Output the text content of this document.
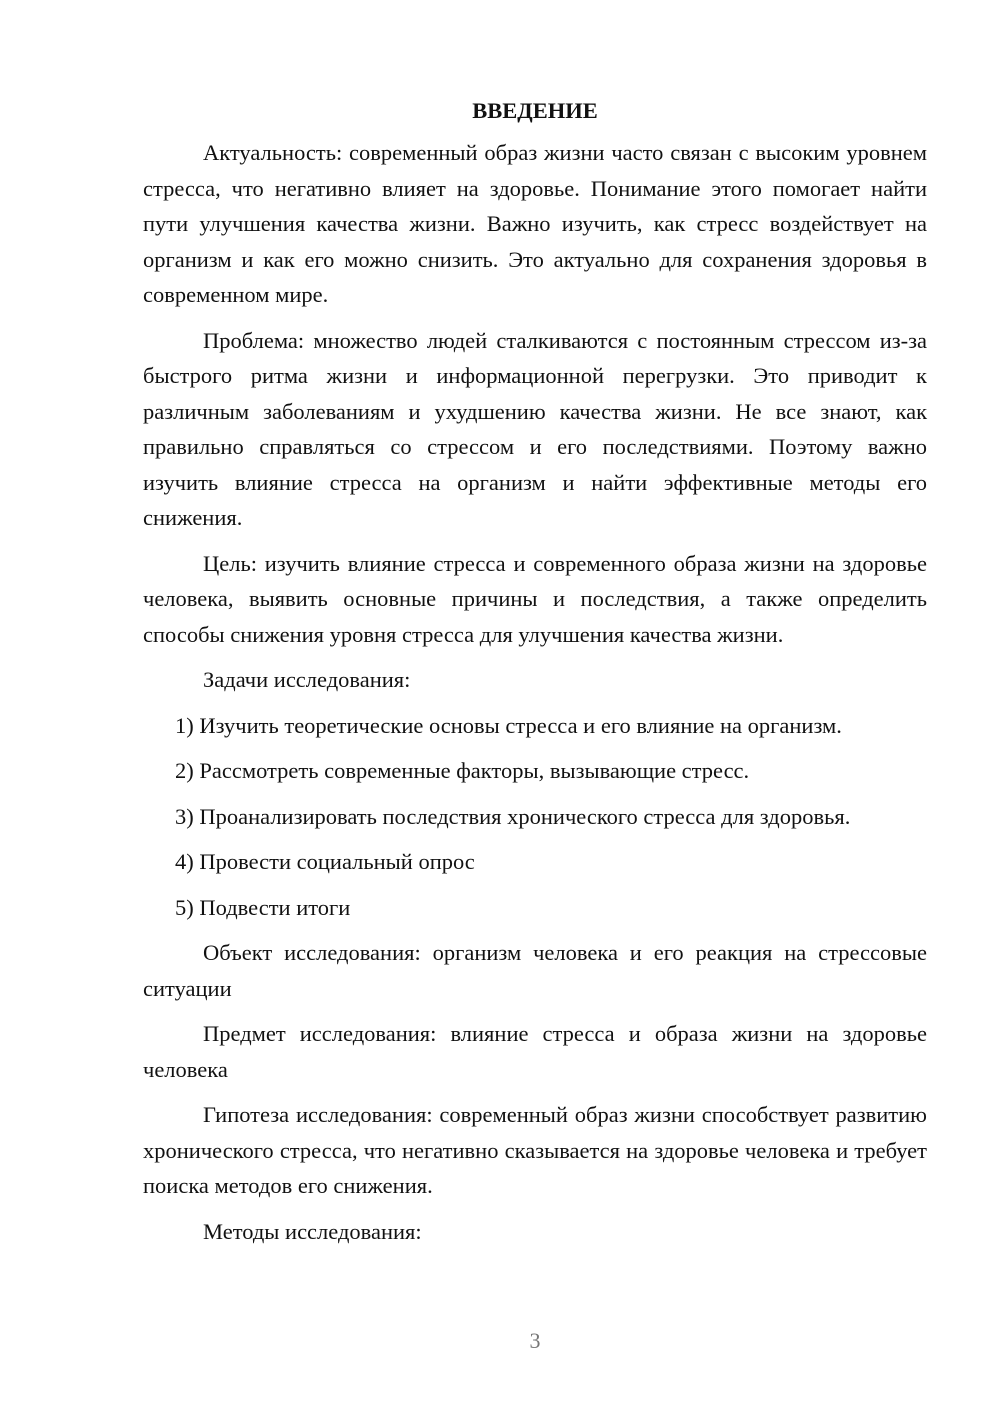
ВВЕДЕНИЕ

Актуальность: современный образ жизни часто связан с высоким уровнем стресса, что негативно влияет на здоровье. Понимание этого помогает найти пути улучшения качества жизни. Важно изучить, как стресс воздействует на организм и как его можно снизить. Это актуально для сохранения здоровья в современном мире.

Проблема: множество людей сталкиваются с постоянным стрессом из-за быстрого ритма жизни и информационной перегрузки. Это приводит к различным заболеваниям и ухудшению качества жизни. Не все знают, как правильно справляться со стрессом и его последствиями. Поэтому важно изучить влияние стресса на организм и найти эффективные методы его снижения.

Цель: изучить влияние стресса и современного образа жизни на здоровье человека, выявить основные причины и последствия, а также определить способы снижения уровня стресса для улучшения качества жизни.

Задачи исследования:

1) Изучить теоретические основы стресса и его влияние на организм.

2) Рассмотреть современные факторы, вызывающие стресс.

3) Проанализировать последствия хронического стресса для здоровья.

4) Провести социальный опрос

5) Подвести итоги

Объект исследования: организм человека и его реакция на стрессовые ситуации

Предмет исследования: влияние стресса и образа жизни на здоровье человека

Гипотеза исследования: современный образ жизни способствует развитию хронического стресса, что негативно сказывается на здоровье человека и требует поиска методов его снижения.

Методы исследования:

3
